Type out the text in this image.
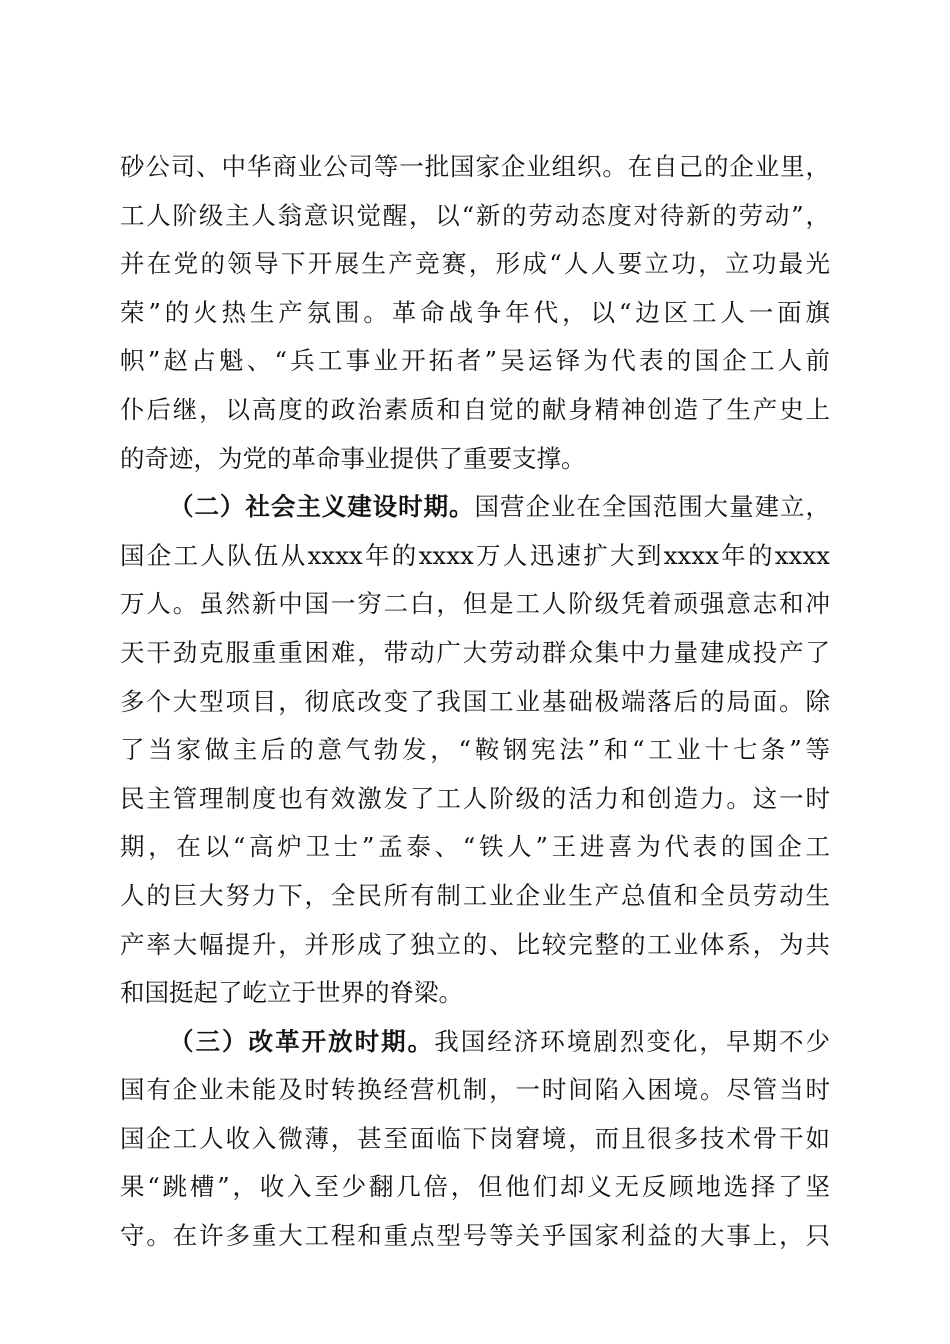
砂公司、中华商业公司等一批国家企业组织。在自己的企业里，
工人阶级主人翁意识觉醒，以“新的劳动态度对待新的劳动”，
并在党的领导下开展生产竞赛，形成“人人要立功，立功最光
荣”的火热生产氛围。革命战争年代，以“边区工人一面旗
帜”赵占魁、“兵工事业开拓者”吴运铎为代表的国企工人前
仆后继，以高度的政治素质和自觉的献身精神创造了生产史上
的奇迹，为党的革命事业提供了重要支撑。
（二）社会主义建设时期。国营企业在全国范围大量建立，
国企工人队伍从xxxx年的xxxx万人迅速扩大到xxxx年的xxxx
万人。虽然新中国一穷二白，但是工人阶级凭着顽强意志和冲
天干劲克服重重困难，带动广大劳动群众集中力量建成投产了
多个大型项目，彻底改变了我国工业基础极端落后的局面。除
了当家做主后的意气勃发，“鞍钢宪法”和“工业十七条”等
民主管理制度也有效激发了工人阶级的活力和创造力。这一时
期，在以“高炉卫士”孟泰、“铁人”王进喜为代表的国企工
人的巨大努力下，全民所有制工业企业生产总值和全员劳动生
产率大幅提升，并形成了独立的、比较完整的工业体系，为共
和国挺起了屹立于世界的脊梁。
（三）改革开放时期。我国经济环境剧烈变化，早期不少
国有企业未能及时转换经营机制，一时间陷入困境。尽管当时
国企工人收入微薄，甚至面临下岗窘境，而且很多技术骨干如
果“跳槽”，收入至少翻几倍，但他们却义无反顾地选择了坚
守。在许多重大工程和重点型号等关乎国家利益的大事上，只
